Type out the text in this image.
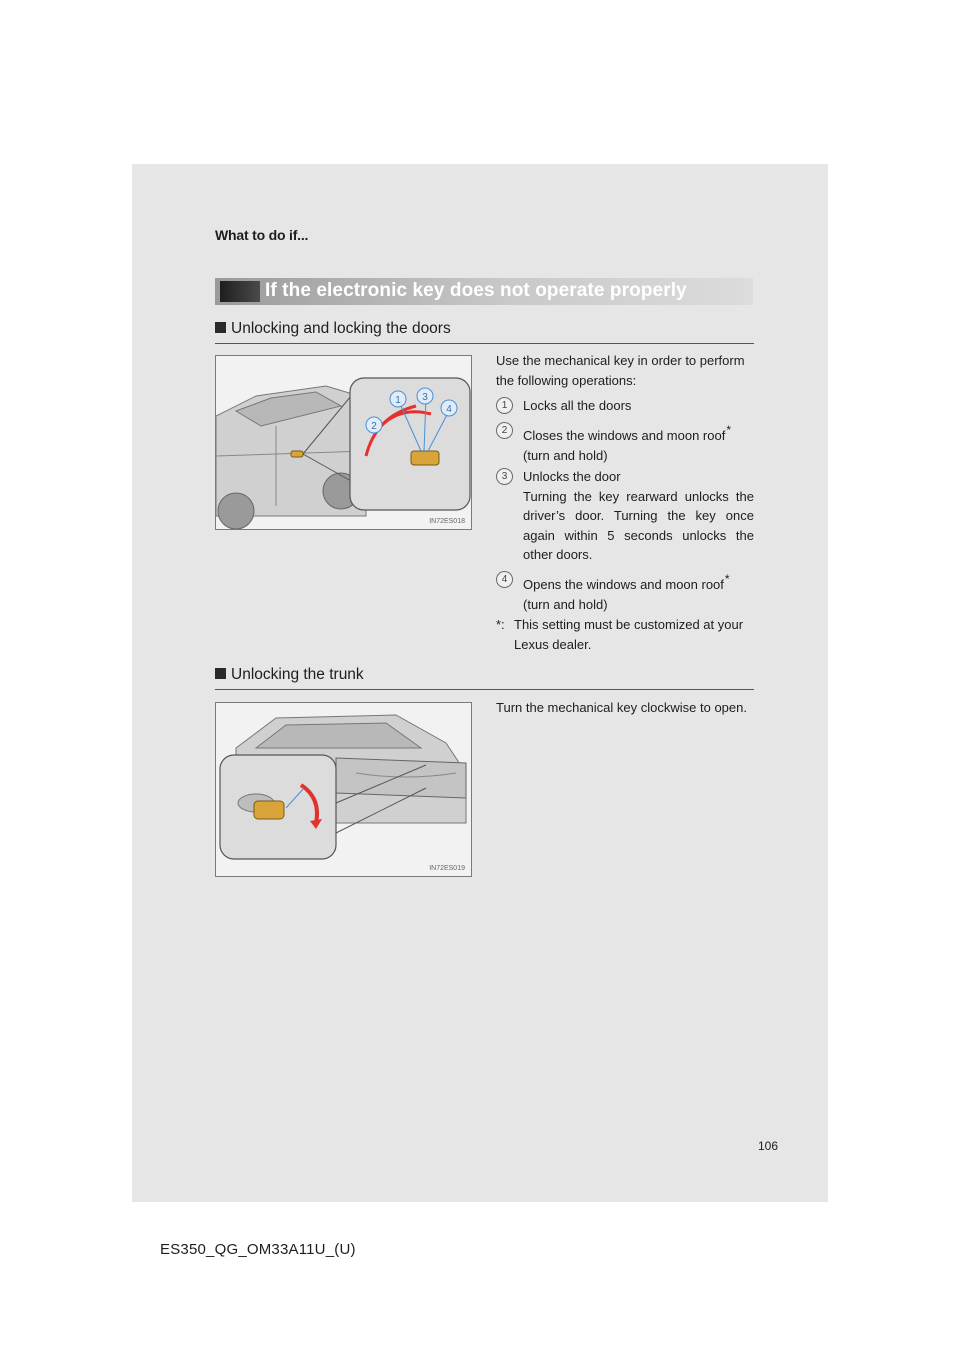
What to do if...
If the electronic key does not operate properly
Unlocking and locking the doors
1
2
3
4
IN72ES018
Use the mechanical key in order to perform the following operations:
1	Locks all the doors
2	Closes the windows and moon roof*
(turn and hold)
3	Unlocks the door
Turning the key rearward unlocks the driver’s door. Turning the key once again within 5 seconds unlocks the other doors.
4	Opens the windows and moon roof*
(turn and hold)
*: This setting must be customized at your Lexus dealer.
Unlocking the trunk
IN72ES019
Turn the mechanical key clockwise to open.
106
ES350_QG_OM33A11U_(U)
